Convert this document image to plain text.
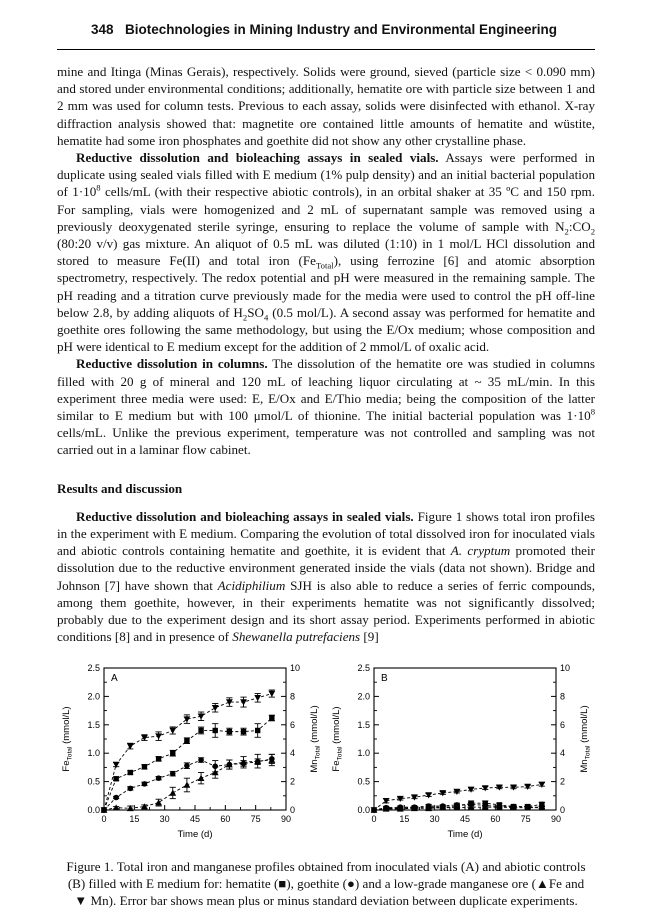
348 Biotechnologies in Mining Industry and Environmental Engineering

mine and Itinga (Minas Gerais), respectively. Solids were ground, sieved (particle size < 0.090 mm) and stored under environmental conditions; additionally, hematite ore with particle size between 1 and 2 mm was used for column tests. Previous to each assay, solids were disinfected with ethanol. X-ray diffraction analysis showed that: magnetite ore contained little amounts of hematite and wüstite, hematite had some iron phosphates and goethite did not show any other crystalline phase.

Reductive dissolution and bioleaching assays in sealed vials. Assays were performed in duplicate using sealed vials filled with E medium (1% pulp density) and an initial bacterial population of $1\cdot 10^8$ cells/mL (with their respective abiotic controls), in an orbital shaker at 35 ºC and 150 rpm. For sampling, vials were homogenized and 2 mL of supernatant sample was removed using a previously deoxygenated sterile syringe, ensuring to replace the volume of sample with $N_2:CO_2$ (80:20 v/v) gas mixture. An aliquot of 0.5 mL was diluted (1:10) in 1 mol/L HCl dissolution and stored to measure Fe(II) and total iron $(Fe_{Total})$, using ferrozine [6] and atomic absorption spectrometry, respectively. The redox potential and pH were measured in the remaining sample. The pH reading and a titration curve previously made for the media were used to control the pH off-line below 2.8, by adding aliquots of $H_2SO_4$ (0.5 mol/L). A second assay was performed for hematite and goethite ores following the same methodology, but using the E/Ox medium; whose composition and pH were identical to E medium except for the addition of 2 mmol/L of oxalic acid.

Reductive dissolution in columns. The dissolution of the hematite ore was studied in columns filled with 20 g of mineral and 120 mL of leaching liquor circulating at ~ 35 mL/min. In this experiment three media were used: E, E/Ox and E/Thio media; being the composition of the latter similar to E medium but with 100 μmol/L of thionine. The initial bacterial population was $1\cdot 10^8$ cells/mL. Unlike the previous experiment, temperature was not controlled and sampling was not carried out in a laminar flow cabinet.

Results and discussion

Reductive dissolution and bioleaching assays in sealed vials. Figure 1 shows total iron profiles in the experiment with E medium. Comparing the evolution of total dissolved iron for inoculated vials and abiotic controls containing hematite and goethite, it is evident that A. cryptum promoted their dissolution due to the reductive environment generated inside the vials (data not shown). Bridge and Johnson [7] have shown that Acidiphilium SJH is also able to reduce a series of ferric compounds, among them goethite, however, in their experiments hematite was not significantly dissolved; probably due to the experiment design and its short assay period. Experiments performed in abiotic conditions [8] and in presence of Shewanella putrefaciens [9]

0	15 30 45 60 75 90
0.0
0.5
1.0
1.5
2.0
2.5
0
2
4
6
8
10
A
Time (d)
$Fe_{Total}$ (mmol/L)
$Mn_{Total}$ (mmol/L)
0	15 30 45 60 75 90
0.0
0.5
1.0
1.5
2.0
2.5
0
2
4
6
8
10
B
Time (d)
$Fe_{Total}$ (mmol/L)
$Mn_{Total}$ (mmol/L)
Figure 1. Total iron and manganese profiles obtained from inoculated vials (A) and abiotic controls (B) filled with E medium for: hematite (■), goethite (●) and a low-grade manganese ore (▲Fe and ▼ Mn). Error bar shows mean plus or minus standard deviation between duplicate experiments.
